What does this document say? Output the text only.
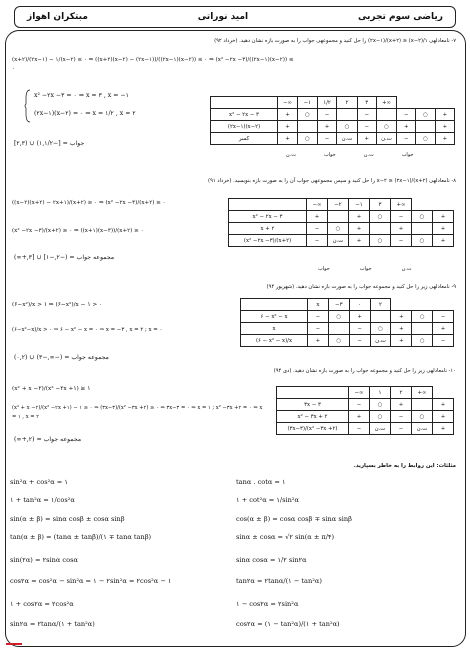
ریاضی سوم تجربی
امید نوراتی
مبتکران اهواز
۷- نامعادلهی ۱/(x−۲) ≤ (x+۲)/(۲x−۱) را حل کنید و مجموعهی جواب را به صورت بازه نشان دهید. (خرداد ۹۲)
(x+۲)/(۲x−۱) − ۱/(x−۲) ≤ ۰ ⇒ ((x+۲)(x−۲) − (۲x−۱))/((۲x−۱)(x−۲)) ≤ ۰ ⇒ (x² −۲x −۳)/((۲x−۱)(x−۲)) ≤ ۰
x² −۲x −۳ = ۰ ⇒ x = ۳ , x = −۱
(۲x−۱)(x−۲) = ۰ ⇒ x = ۱/۲ , x = ۲
جواب = [−۱,۱/۲) ∪ (۲,۳]
	−∞	−۱	۱/۲	۲	۳	+∞			
x² − ۲x − ۳	+	○	−		−		−	○	+
(۲x−۱)(x−۲)	+		+	○	−	○	+		+
کسر	+	○	−	ت.ن	+	ت.ن	−	○	+
۸- نامعادلهی x−۲ ≥ (۲x−۱)/(x+۲) را حل کنید و سپس مجموعهی جواب آن را به صورت بازه بنویسید. (خرداد ۹۱)
((x−۲)(x+۲) − ۲x+۱)/(x+۲) ≥ ۰ ⇒ (x² −۲x −۳)/(x+۲) ≥ ۰
(x² −۲x −۳)/(x+۲) ≥ ۰ ⇒ ((x+۱)(x−۳))/(x+۲) ≥ ۰
مجموعه جواب = (−۲,−۱] ∪ [۳,+∞)
	−∞	−۲	−۱	۳	+∞		
x² − ۲x − ۳	+		+	○	−	○	+
x + ۲	−	○	+		+		+
(x² −۲x −۳)/(x+۲)	−	ت.ن	+	○	−	○	+
۹- نامعادلهی زیر را حل کنید و مجموعه جواب را به صورت بازه نشان دهید. (شهریور ۹۴)
(۶−x²)/x > ۱ ⇒ (۶−x²)/x − ۱ > ۰
(۶−x²−x)/x > ۰ ⇒ ۶ − x² − x = ۰ ⇒ x = −۳ , x = ۲ ; x = ۰
مجموعه جواب = (−∞,−۳) ∪ (۰,۲)
	x	−۳	۰	۲			
۶ − x² − x	−	○	+		+	○	−
x	−		−	○	+		+
(۶ − x² − x)/x	+	○	−	ت.ن	+	○	−
۱۰- نامعادلهی زیر را حل کنید و مجموعه جواب را به صورت بازه نشان دهید. (دی ۹۴)
(x² + x −۲)/(x² −۲x +۱) ≥ ۱
(x² + x −۲)/(x² −۲x +۱) − ۱ ≥ ۰ ⇒ (۳x−۳)/(x² −۳x +۲) ≥ ۰ ⇒ ۳x−۳ = ۰ ⇒ x = ۱ ; x² −۳x +۲ = ۰ ⇒ x = ۱ , x = ۲
مجموعه جواب = (۲,+∞)
	−∞	۱	۲	+∞	
۳x − ۳	−	○	+		+
x² − ۳x + ۲	+	○	−	○	+
(۳x−۳)/(x² −۳x +۲)	−	ت.ن	−	ت.ن	+
مثلثات: این روابط را به خاطر بسپارید.
sin²α + cos²α = ۱
۱ + tan²α = ۱/cos²α
sin(α ± β) = sinα cosβ ± cosα sinβ
tan(α ± β) = (tanα ± tanβ)/(۱ ∓ tanα tanβ)
sin(۲α) = ۲sinα cosα
cos۲α = cos²α − sin²α = ۱ − ۲sin²α = ۲cos²α − ۱
۱ + cos۲α = ۲cos²α
sin۲α = ۲tanα/(۱ + tan²α)
tanα . cotα = ۱
۱ + cot²α = ۱/sin²α
cos(α ± β) = cosα cosβ ∓ sinα sinβ
sinα ± cosα = √۲ sin(α ± π/۴)
sinα cosα = ۱/۲ sin۲α
tan۲α = ۲tanα/(۱ − tan²α)
۱ − cos۲α = ۲sin²α
cos۲α = (۱ − tan²α)/(۱ + tan²α)
جواب
ت.ن
جواب
ت.ن
ت.ن
جواب
جواب
